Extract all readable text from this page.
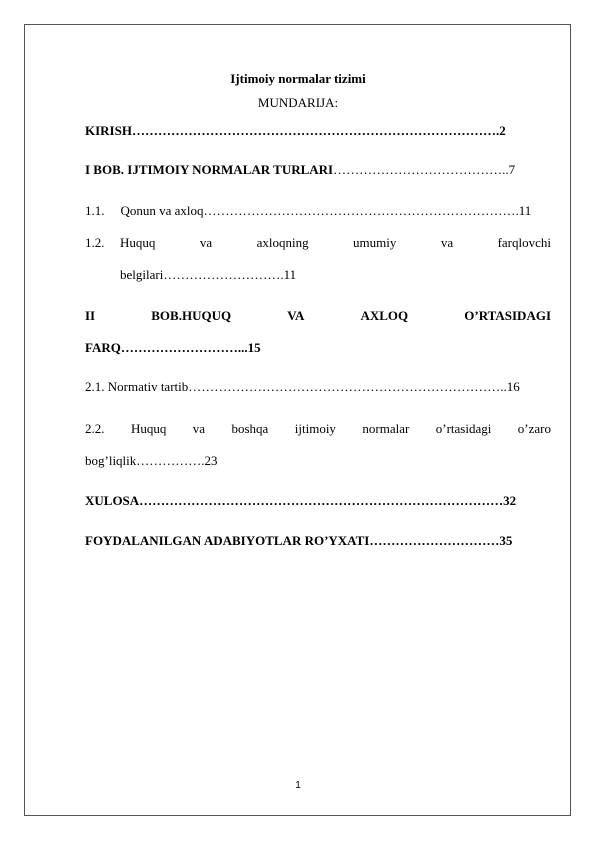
Ijtimoiy normalar tizimi
MUNDARIJA:
KIRISH………………………………………………………………………….2
I BOB. IJTIMOIY NORMALAR TURLARI…………………………………..7
1.1. Qonun va axloq……………………………………………………………….11
1.2. Huquq	va	axloqning	umumiy	va	farqlovchi
belgilari……………………….11
II	BOB.HUQUQ	VA	AXLOQ	O’RTASIDAGI
FARQ………………………...15
2.1. Normativ tartib………………………………………………………………..16
2.2. Huquq va boshqa ijtimoiy normalar o’rtasidagi o’zaro
bog’liqlik…………….23
XULOSA…………………………………………………………………………32
FOYDALANILGAN ADABIYOTLAR RO’YXATI…………………………35
1
